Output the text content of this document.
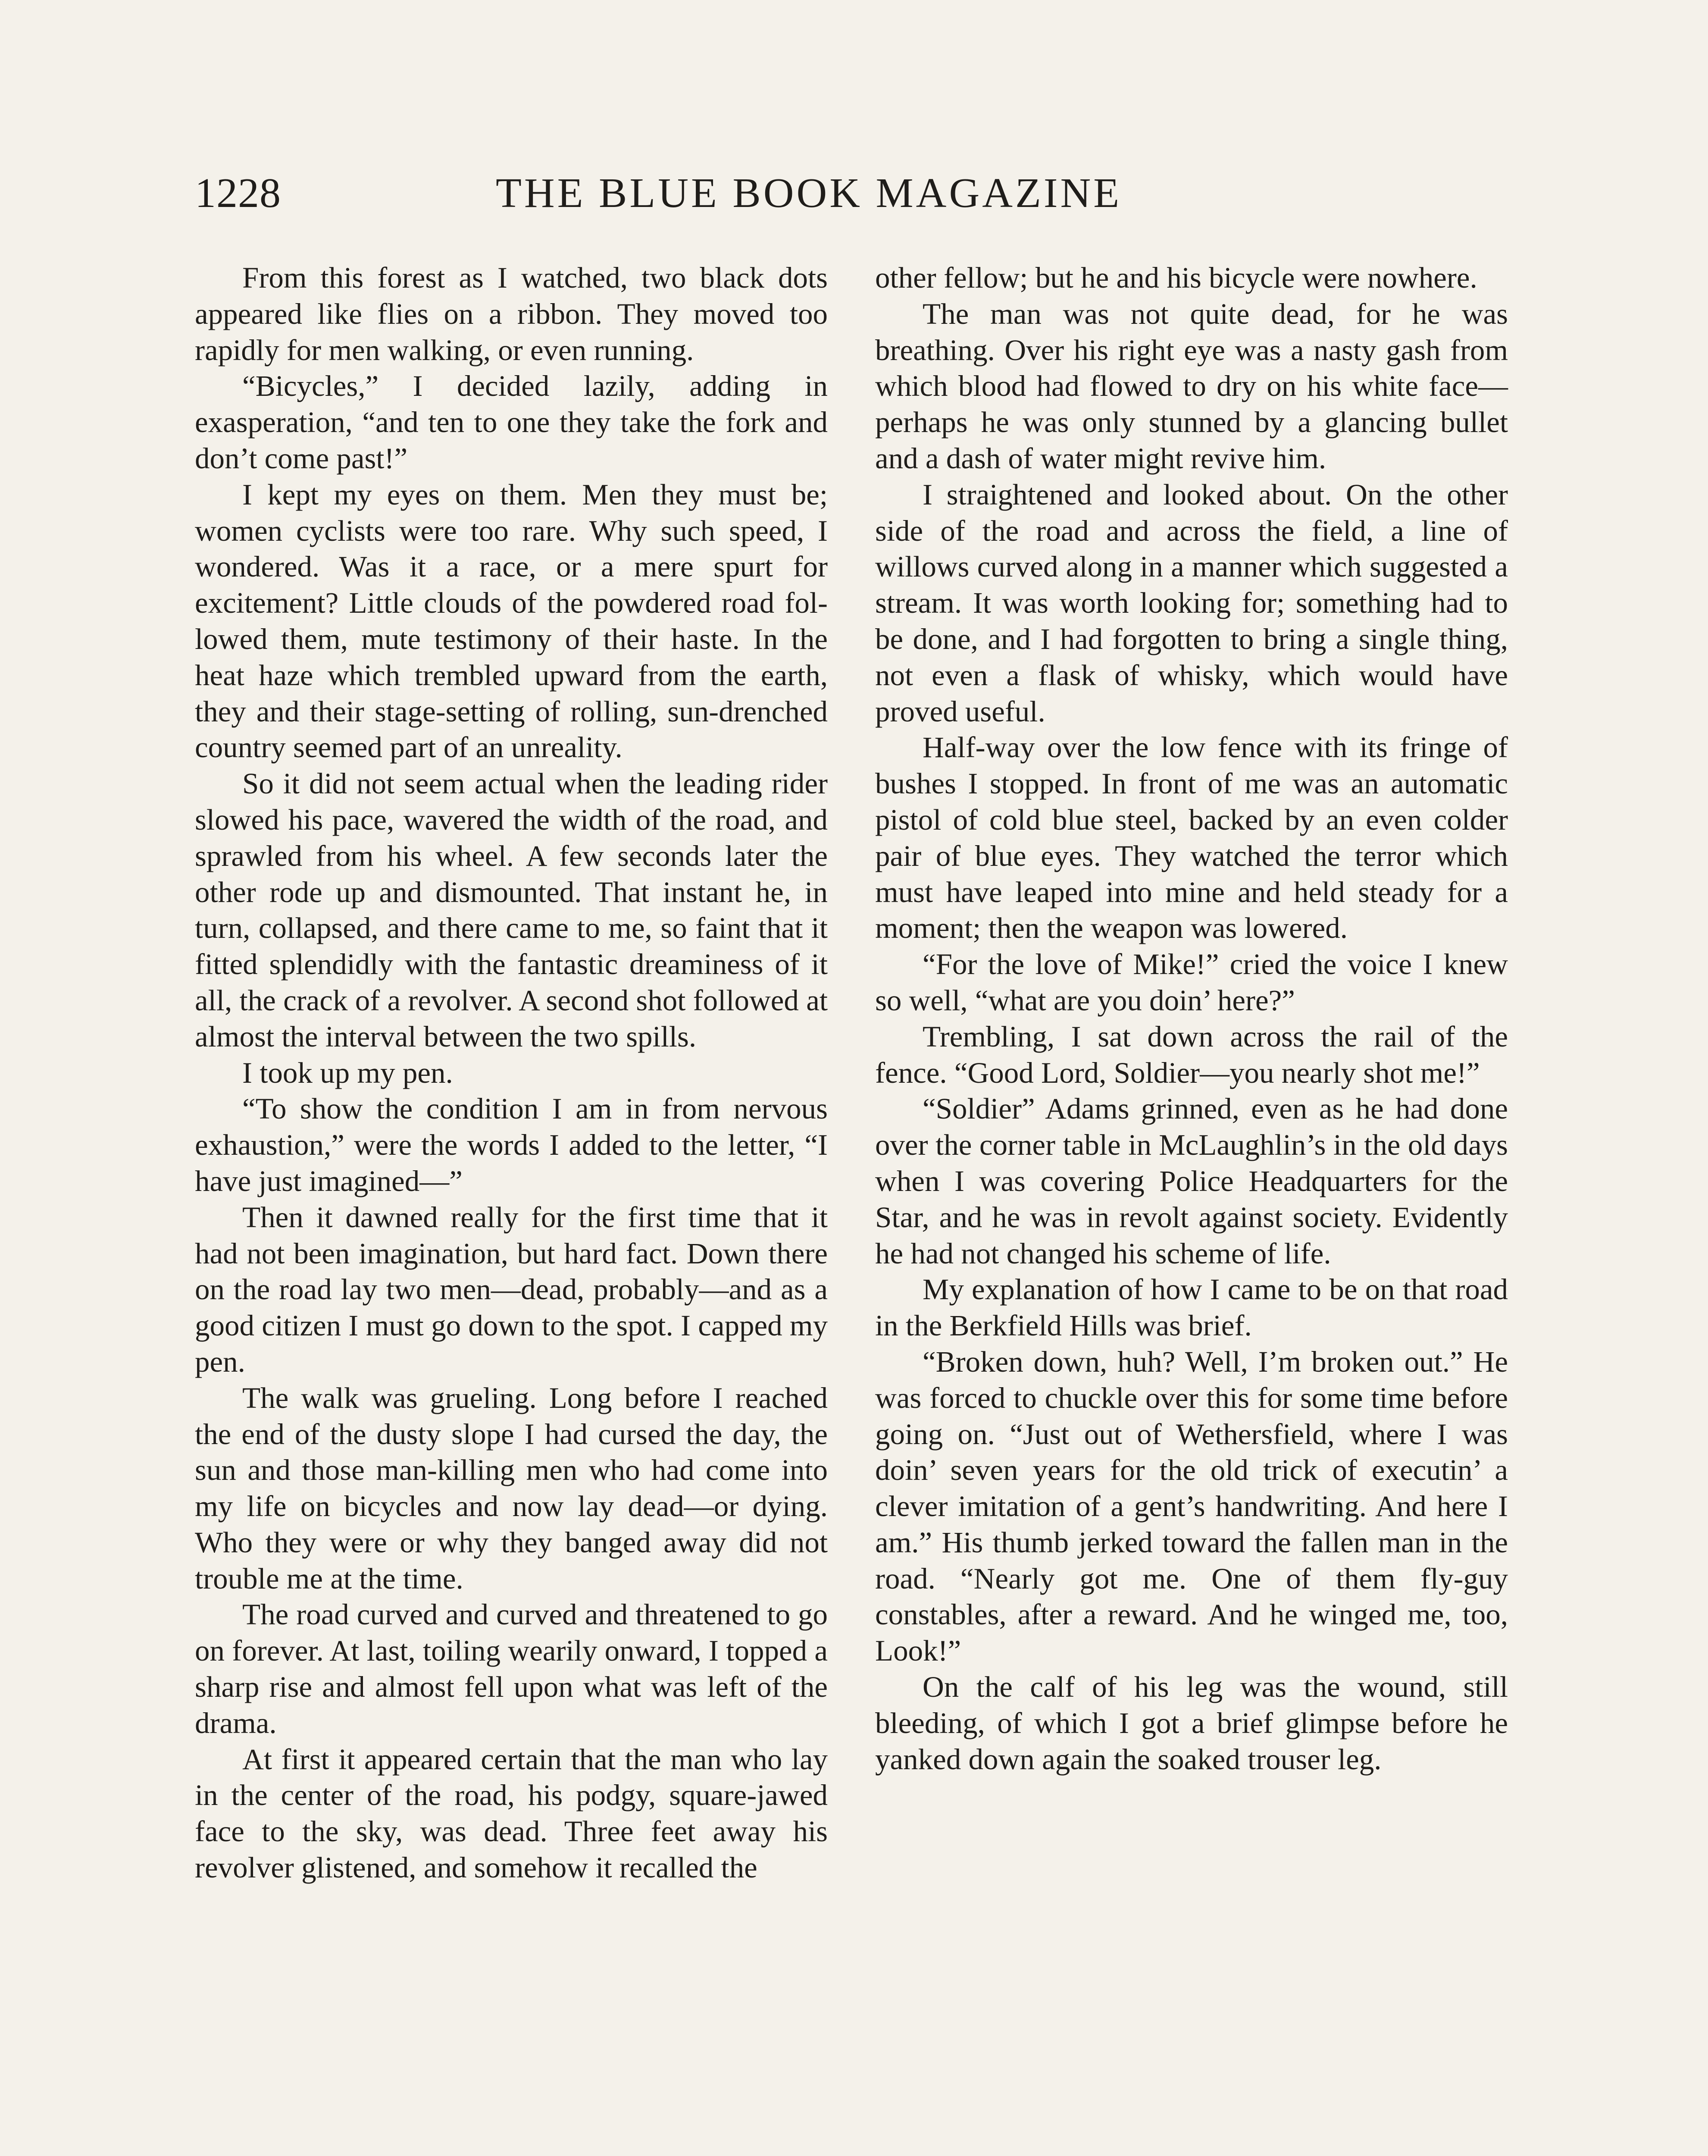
1228	THE BLUE BOOK MAGAZINE

From this forest as I watched, two black dots appeared like flies on a ribbon. They moved too rapidly for men walking, or even running.

“Bicycles,” I decided lazily, adding in exasperation, “and ten to one they take the fork and don’t come past!”

I kept my eyes on them. Men they must be; women cyclists were too rare. Why such speed, I wondered. Was it a race, or a mere spurt for excitement? Little clouds of the powdered road followed them, mute testimony of their haste. In the heat haze which trembled upward from the earth, they and their stage-setting of rolling, sun-drenched country seemed part of an unreality.

So it did not seem actual when the leading rider slowed his pace, wavered the width of the road, and sprawled from his wheel. A few seconds later the other rode up and dismounted. That instant he, in turn, collapsed, and there came to me, so faint that it fitted splendidly with the fantastic dreaminess of it all, the crack of a revolver. A second shot followed at almost the interval between the two spills.

I took up my pen.

“To show the condition I am in from nervous exhaustion,” were the words I added to the letter, “I have just imagined—”

Then it dawned really for the first time that it had not been imagination, but hard fact. Down there on the road lay two men—dead, probably—and as a good citizen I must go down to the spot. I capped my pen.

The walk was grueling. Long before I reached the end of the dusty slope I had cursed the day, the sun and those man-killing men who had come into my life on bicycles and now lay dead—or dying. Who they were or why they banged away did not trouble me at the time.

The road curved and curved and threatened to go on forever. At last, toiling wearily onward, I topped a sharp rise and almost fell upon what was left of the drama.

At first it appeared certain that the man who lay in the center of the road, his podgy, square-jawed face to the sky, was dead. Three feet away his revolver glistened, and somehow it recalled the

other fellow; but he and his bicycle were nowhere.

The man was not quite dead, for he was breathing. Over his right eye was a nasty gash from which blood had flowed to dry on his white face—perhaps he was only stunned by a glancing bullet and a dash of water might revive him.

I straightened and looked about. On the other side of the road and across the field, a line of willows curved along in a manner which suggested a stream. It was worth looking for; something had to be done, and I had forgotten to bring a single thing, not even a flask of whisky, which would have proved useful.

Half-way over the low fence with its fringe of bushes I stopped. In front of me was an automatic pistol of cold blue steel, backed by an even colder pair of blue eyes. They watched the terror which must have leaped into mine and held steady for a moment; then the weapon was lowered.

“For the love of Mike!” cried the voice I knew so well, “what are you doin’ here?”

Trembling, I sat down across the rail of the fence. “Good Lord, Soldier—you nearly shot me!”

“Soldier” Adams grinned, even as he had done over the corner table in McLaughlin’s in the old days when I was covering Police Headquarters for the Star, and he was in revolt against society. Evidently he had not changed his scheme of life.

My explanation of how I came to be on that road in the Berkfield Hills was brief.

“Broken down, huh? Well, I’m broken out.” He was forced to chuckle over this for some time before going on. “Just out of Wethersfield, where I was doin’ seven years for the old trick of executin’ a clever imitation of a gent’s handwriting. And here I am.” His thumb jerked toward the fallen man in the road. “Nearly got me. One of them fly-guy constables, after a reward. And he winged me, too, Look!”

On the calf of his leg was the wound, still bleeding, of which I got a brief glimpse before he yanked down again the soaked trouser leg.
